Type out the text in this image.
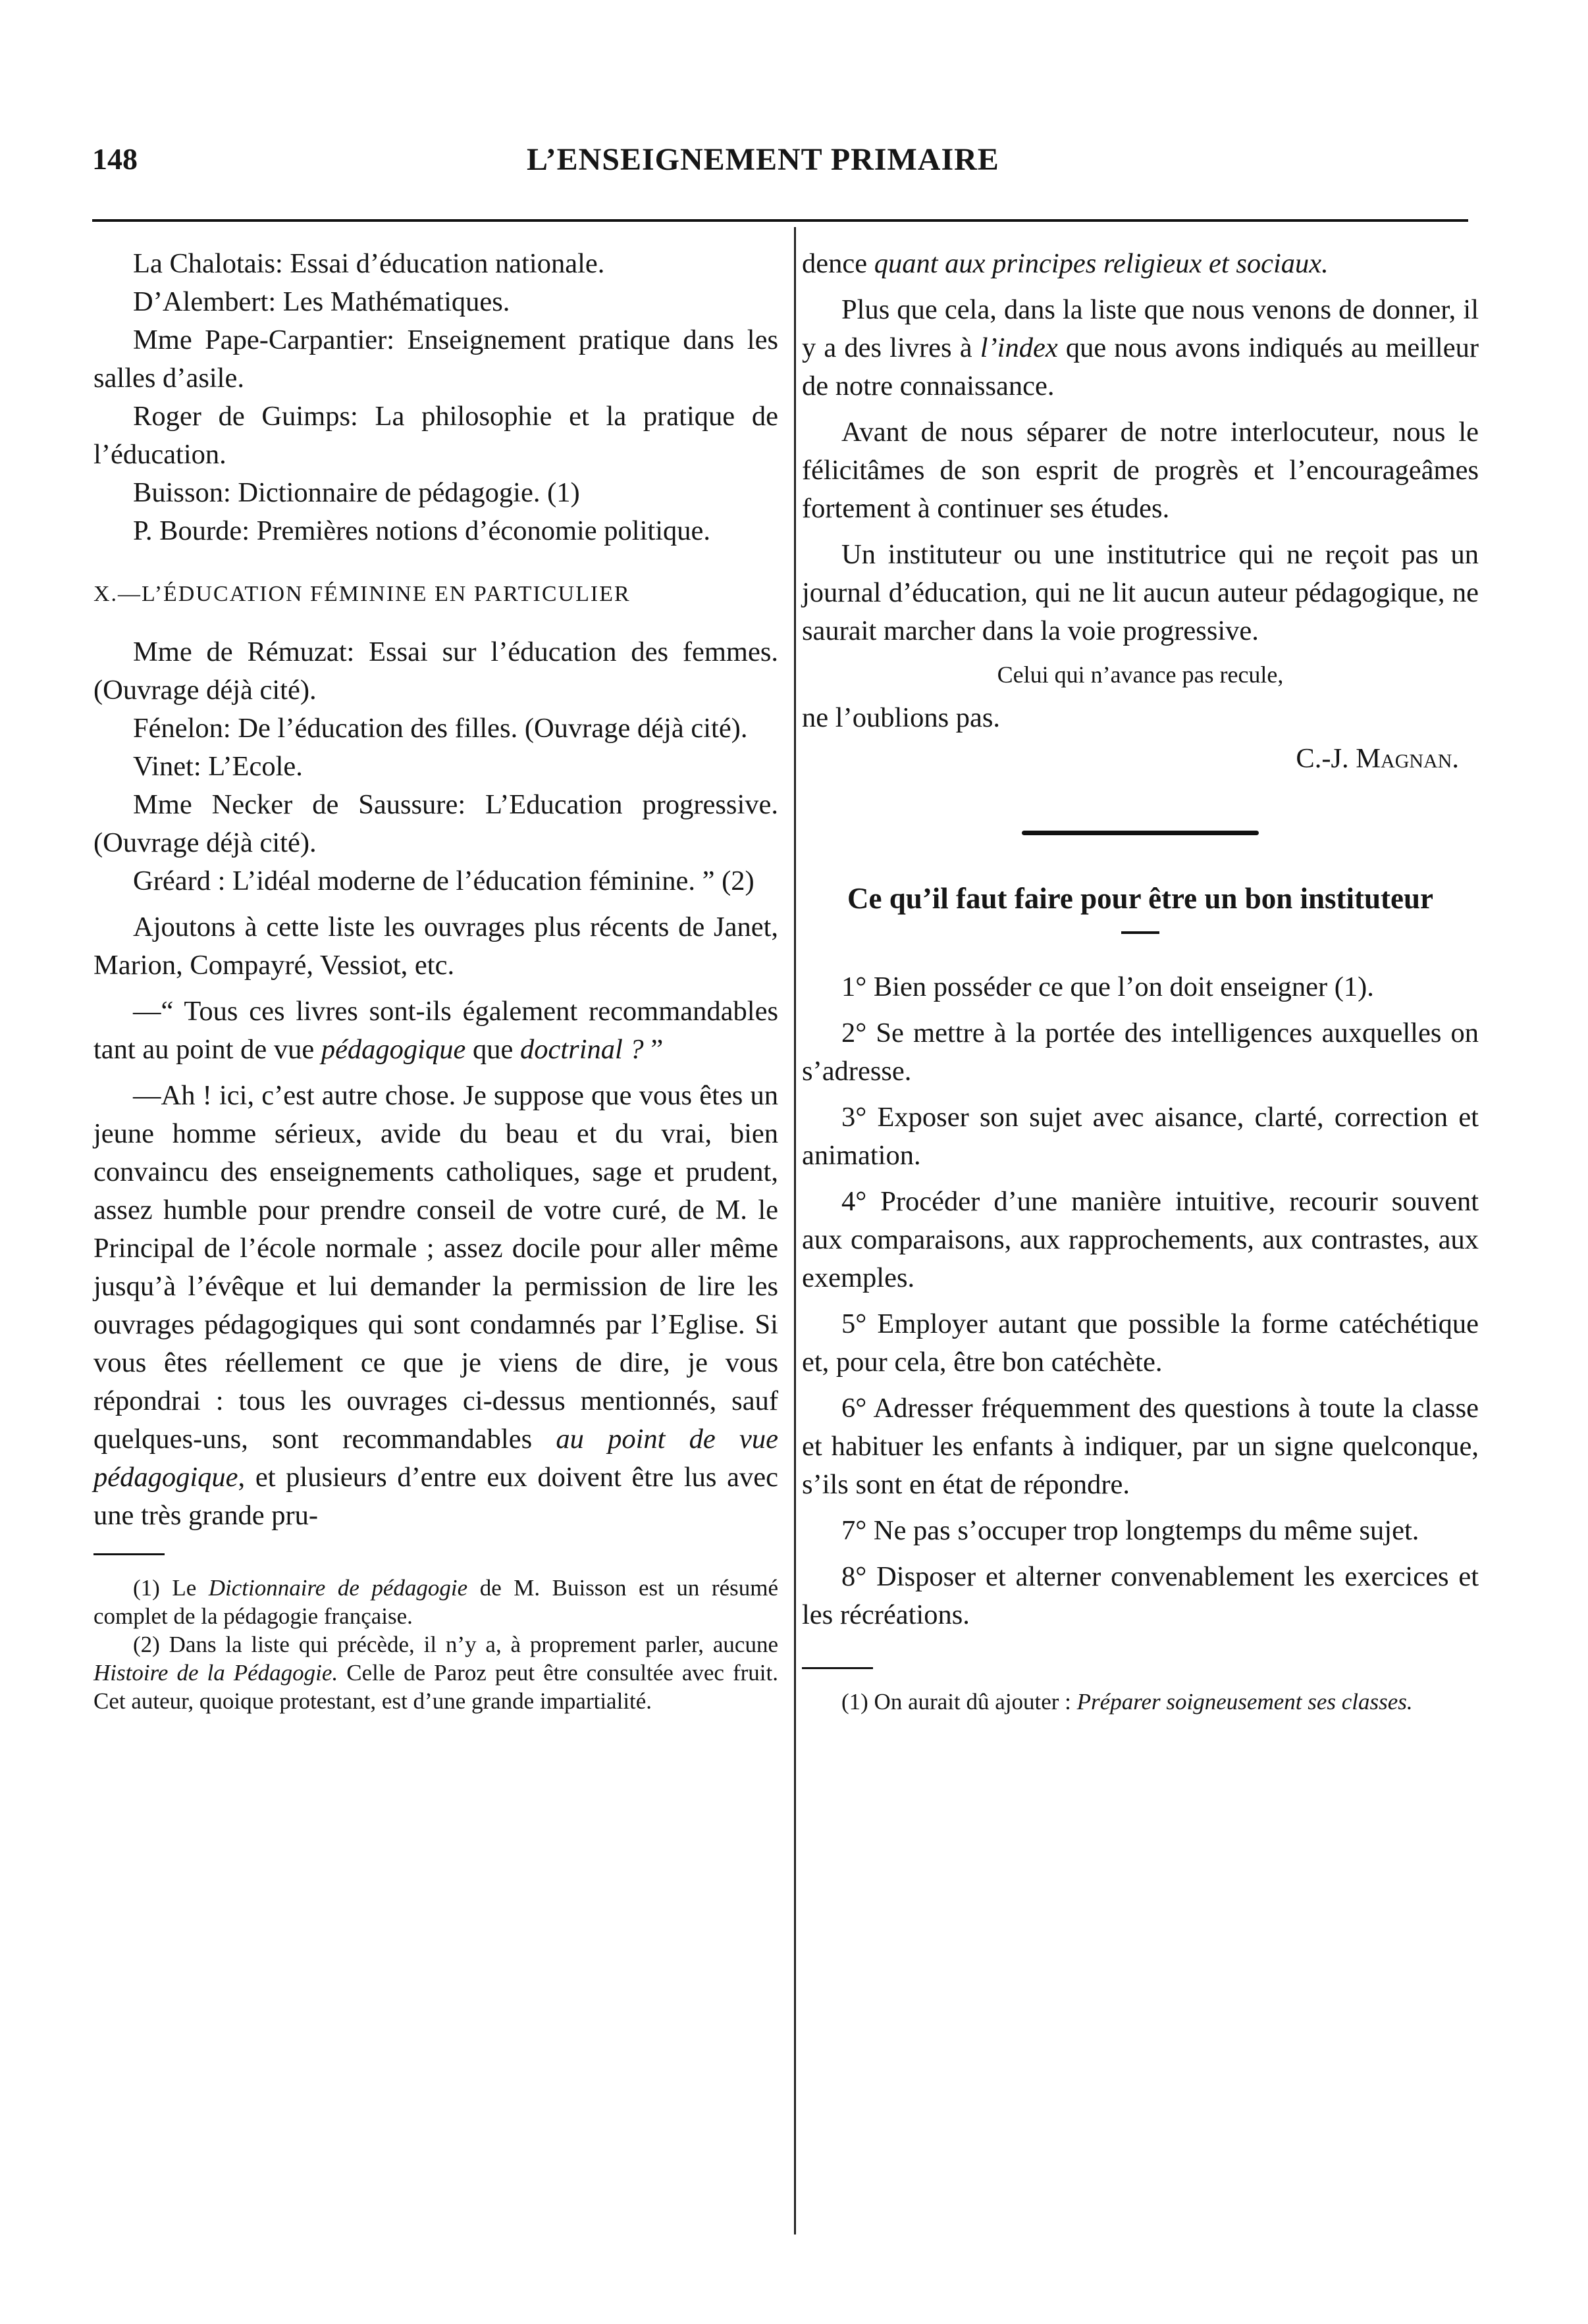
148	L’ENSEIGNEMENT PRIMAIRE

La Chalotais: Essai d’éducation nationale.

D’Alembert: Les Mathématiques.

Mme Pape-Carpantier: Enseignement pratique dans les salles d’asile.

Roger de Guimps: La philosophie et la pratique de l’éducation.

Buisson: Dictionnaire de pédagogie. (1)

P. Bourde: Premières notions d’économie politique.

X.—L’ÉDUCATION FÉMININE EN PARTICULIER

Mme de Rémuzat: Essai sur l’éducation des femmes. (Ouvrage déjà cité).

Fénelon: De l’éducation des filles. (Ouvrage déjà cité).

Vinet: L’Ecole.

Mme Necker de Saussure: L’Education progressive. (Ouvrage déjà cité).

Gréard : L’idéal moderne de l’éducation féminine. ” (2)

Ajoutons à cette liste les ouvrages plus récents de Janet, Marion, Compayré, Vessiot, etc.

—“ Tous ces livres sont-ils également recommandables tant au point de vue pédagogique que doctrinal ? ”

—Ah ! ici, c’est autre chose. Je suppose que vous êtes un jeune homme sérieux, avide du beau et du vrai, bien convaincu des enseignements catholiques, sage et prudent, assez humble pour prendre conseil de votre curé, de M. le Principal de l’école normale ; assez docile pour aller même jusqu’à l’évêque et lui demander la permission de lire les ouvrages pédagogiques qui sont condamnés par l’Eglise. Si vous êtes réellement ce que je viens de dire, je vous répondrai : tous les ouvrages ci-dessus mentionnés, sauf quelques-uns, sont recommandables au point de vue pédagogique, et plusieurs d’entre eux doivent être lus avec une très grande pru-

(1) Le Dictionnaire de pédagogie de M. Buisson est un résumé complet de la pédagogie française.

(2) Dans la liste qui précède, il n’y a, à proprement parler, aucune Histoire de la Pédagogie. Celle de Paroz peut être consultée avec fruit. Cet auteur, quoique protestant, est d’une grande impartialité.

dence quant aux principes religieux et sociaux.

Plus que cela, dans la liste que nous venons de donner, il y a des livres à l’index que nous avons indiqués au meilleur de notre connaissance.

Avant de nous séparer de notre interlocuteur, nous le félicitâmes de son esprit de progrès et l’encourageâmes fortement à continuer ses études.

Un instituteur ou une institutrice qui ne reçoit pas un journal d’éducation, qui ne lit aucun auteur pédagogique, ne saurait marcher dans la voie progressive.

Celui qui n’avance pas recule,

ne l’oublions pas.

C.-J. Magnan.

Ce qu’il faut faire pour être un bon instituteur

1° Bien posséder ce que l’on doit enseigner (1).

2° Se mettre à la portée des intelligences auxquelles on s’adresse.

3° Exposer son sujet avec aisance, clarté, correction et animation.

4° Procéder d’une manière intuitive, recourir souvent aux comparaisons, aux rapprochements, aux contrastes, aux exemples.

5° Employer autant que possible la forme catéchétique et, pour cela, être bon catéchète.

6° Adresser fréquemment des questions à toute la classe et habituer les enfants à indiquer, par un signe quelconque, s’ils sont en état de répondre.

7° Ne pas s’occuper trop longtemps du même sujet.

8° Disposer et alterner convenablement les exercices et les récréations.

(1) On aurait dû ajouter : Préparer soigneusement ses classes.
